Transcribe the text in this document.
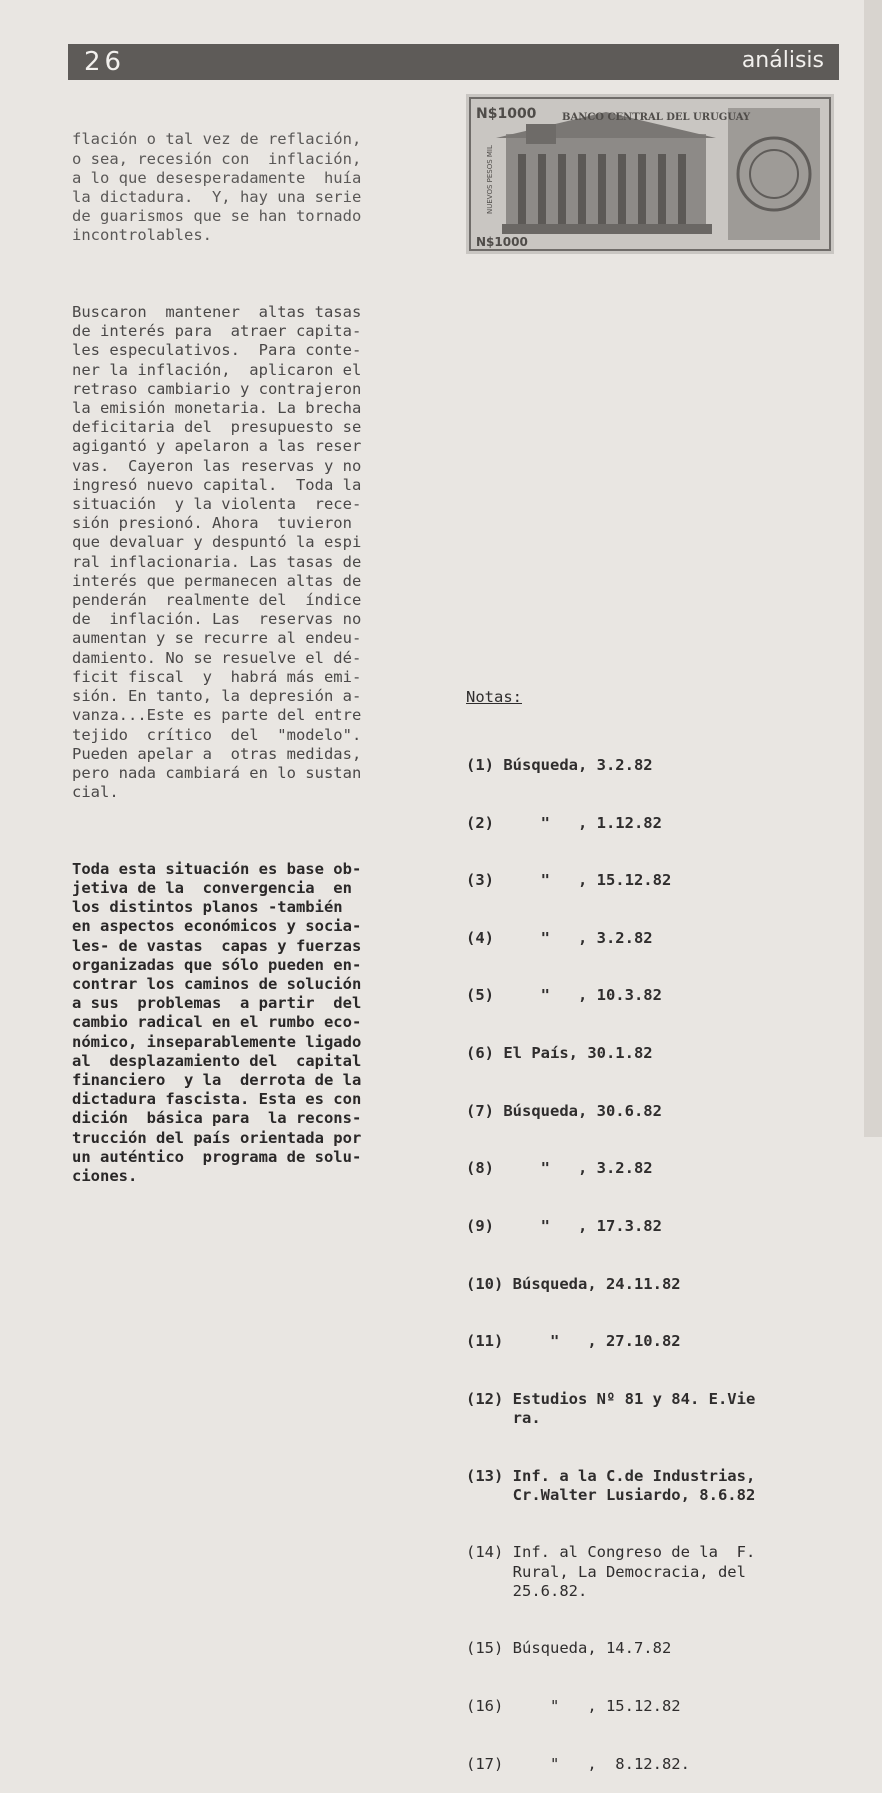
26	análisis

flación o tal vez de reflación,
o sea, recesión con  inflación,
a lo que desesperadamente  huía
la dictadura.  Y, hay una serie
de guarismos que se han tornado
incontrolables.

Buscaron  mantener  altas tasas
de interés para  atraer capita-
les especulativos.  Para conte-
ner la inflación,  aplicaron el
retraso cambiario y contrajeron
la emisión monetaria. La brecha
deficitaria del  presupuesto se
agigantó y apelaron a las reser
vas.  Cayeron las reservas y no
ingresó nuevo capital.  Toda la
situación  y la violenta  rece-
sión presionó. Ahora  tuvieron
que devaluar y despuntó la espi
ral inflacionaria. Las tasas de
interés que permanecen altas de
penderán  realmente del  índice
de  inflación. Las  reservas no
aumentan y se recurre al endeu-
damiento. No se resuelve el dé-
ficit fiscal  y  habrá más emi-
sión. En tanto, la depresión a-
vanza...Este es parte del entre
tejido  crítico  del  "modelo".
Pueden apelar a  otras medidas,
pero nada cambiará en lo sustan
cial.

Toda esta situación es base ob-
jetiva de la  convergencia  en
los distintos planos -también
en aspectos económicos y socia-
les- de vastas  capas y fuerzas
organizadas que sólo pueden en-
contrar los caminos de solución
a sus  problemas  a partir  del
cambio radical en el rumbo eco-
nómico, inseparablemente ligado
al  desplazamiento del  capital
financiero  y la  derrota de la
dictadura fascista. Esta es con
dición  básica para  la recons-
trucción del país orientada por
un auténtico  programa de solu-
ciones.

N$1000	BANCO CENTRAL DEL URUGUAY
N$1000
NUEVOS PESOS MIL

Notas:

(1) Búsqueda, 3.2.82

(2)     "   , 1.12.82

(3)     "   , 15.12.82

(4)     "   , 3.2.82

(5)     "   , 10.3.82

(6) El País, 30.1.82

(7) Búsqueda, 30.6.82

(8)     "   , 3.2.82

(9)     "   , 17.3.82

(10) Búsqueda, 24.11.82

(11)     "   , 27.10.82

(12) Estudios Nº 81 y 84. E.Vie
ra.

(13) Inf. a la C.de Industrias,
Cr.Walter Lusiardo, 8.6.82

(14) Inf. al Congreso de la  F.
Rural, La Democracia, del
25.6.82.

(15) Búsqueda, 14.7.82

(16)     "   , 15.12.82

(17)     "   ,  8.12.82.
